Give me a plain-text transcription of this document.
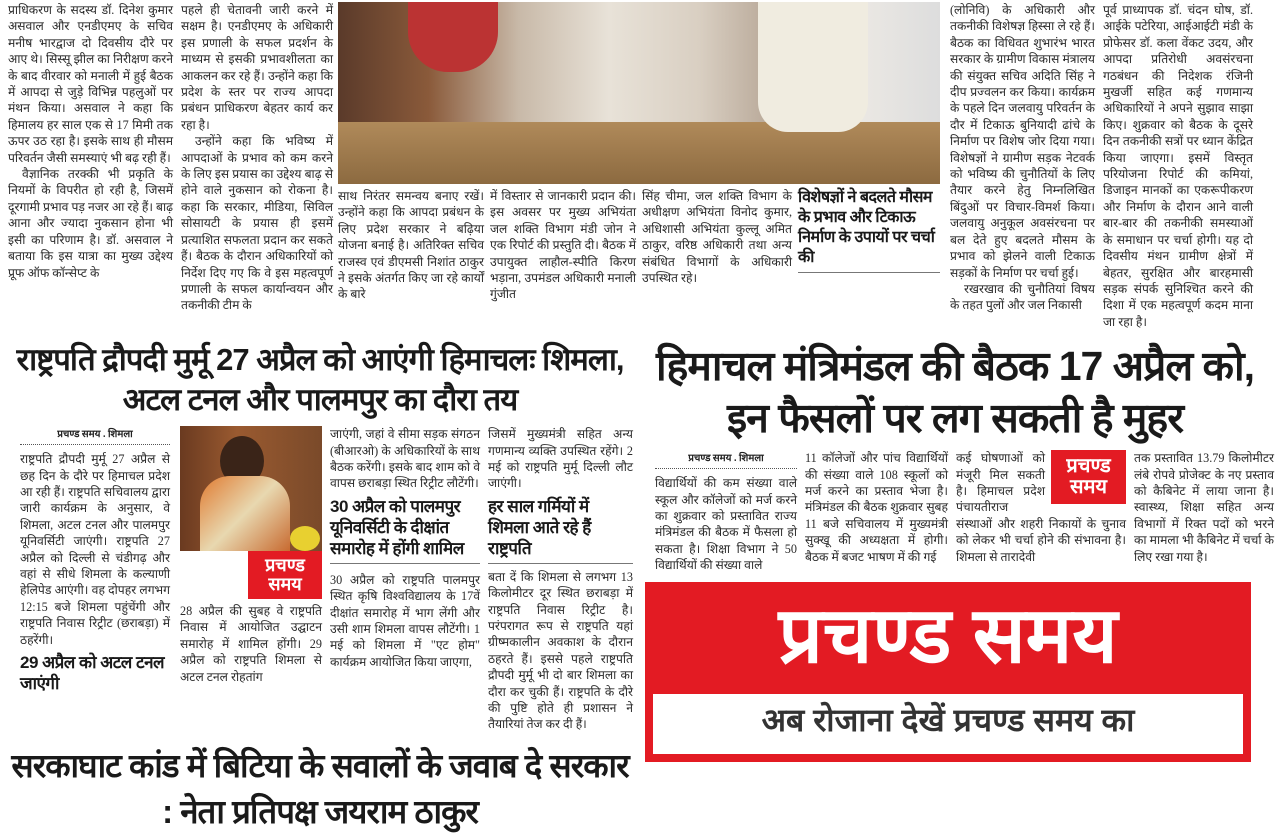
प्राधिकरण के सदस्य डॉ. दिनेश कुमार असवाल और एनडीएमए के सचिव मनीष भारद्वाज दो दिवसीय दौरे पर आए थे। सिस्सू झील का निरीक्षण करने के बाद वीरवार को मनाली में हुई बैठक में आपदा से जुड़े विभिन्न पहलुओं पर मंथन किया। असवाल ने कहा कि हिमालय हर साल एक से 17 मिमी तक ऊपर उठ रहा है। इसके साथ ही मौसम परिवर्तन जैसी समस्याएं भी बढ़ रही हैं।

वैज्ञानिक तरक्की भी प्रकृति के नियमों के विपरीत हो रही है, जिसमें दूरगामी प्रभाव पड़ नजर आ रहे हैं। बाढ़ आना और ज्यादा नुकसान होना भी इसी का परिणाम है। डॉ. असवाल ने बताया कि इस यात्रा का मुख्य उद्देश्य प्रूफ ऑफ कॉन्सेप्ट के

पहले ही चेतावनी जारी करने में सक्षम है। एनडीएमए के अधिकारी इस प्रणाली के सफल प्रदर्शन के माध्यम से इसकी प्रभावशीलता का आकलन कर रहे हैं। उन्होंने कहा कि प्रदेश के स्तर पर राज्य आपदा प्रबंधन प्राधिकरण बेहतर कार्य कर रहा है।

उन्होंने कहा कि भविष्य में आपदाओं के प्रभाव को कम करने के लिए इस प्रयास का उद्देश्य बाढ़ से होने वाले नुकसान को रोकना है। कहा कि सरकार, मीडिया, सिविल सोसायटी के प्रयास ही इसमें प्रत्याशित सफलता प्रदान कर सकते हैं। बैठक के दौरान अधिकारियों को निर्देश दिए गए कि वे इस महत्वपूर्ण प्रणाली के सफल कार्यान्वयन और तकनीकी टीम के

साथ निरंतर समन्वय बनाए रखें। उन्होंने कहा कि आपदा प्रबंधन के लिए प्रदेश सरकार ने बढ़िया योजना बनाई है। अतिरिक्त सचिव राजस्व एवं डीएमसी निशांत ठाकुर ने इसके अंतर्गत किए जा रहे कार्यों के बारे
में विस्तार से जानकारी प्रदान की। इस अवसर पर मुख्य अभियंता जल शक्ति विभाग मंडी जोन ने एक रिपोर्ट की प्रस्तुति दी। बैठक में उपायुक्त लाहौल-स्पीति किरण भड़ाना, उपमंडल अधिकारी मनाली गुंजीत
सिंह चीमा, जल शक्ति विभाग के अधीक्षण अभियंता विनोद कुमार, अधिशासी अभियंता कुल्लू अमित ठाकुर, वरिष्ठ अधिकारी तथा अन्य संबंधित विभागों के अधिकारी उपस्थित रहे।
विशेषज्ञों ने बदलते मौसम के प्रभाव और टिकाऊ निर्माण के उपायों पर चर्चा की

(लोनिवि) के अधिकारी और तकनीकी विशेषज्ञ हिस्सा ले रहे हैं। बैठक का विधिवत शुभारंभ भारत सरकार के ग्रामीण विकास मंत्रालय की संयुक्त सचिव अदिति सिंह ने दीप प्रज्वलन कर किया। कार्यक्रम के पहले दिन जलवायु परिवर्तन के दौर में टिकाऊ बुनियादी ढांचे के निर्माण पर विशेष जोर दिया गया। विशेषज्ञों ने ग्रामीण सड़क नेटवर्क को भविष्य की चुनौतियों के लिए तैयार करने हेतु निम्नलिखित बिंदुओं पर विचार-विमर्श किया। जलवायु अनुकूल अवसंरचना पर बल देते हुए बदलते मौसम के प्रभाव को झेलने वाली टिकाऊ सड़कों के निर्माण पर चर्चा हुई।

रखरखाव की चुनौतियां विषय के तहत पुलों और जल निकासी

पूर्व प्राध्यापक डॉ. चंदन घोष, डॉ. आईके पटेरिया, आईआईटी मंडी के प्रोफेसर डॉ. कला वेंकट उदय, और आपदा प्रतिरोधी अवसंरचना गठबंधन की निदेशक रंजिनी मुखर्जी सहित कई गणमान्य अधिकारियों ने अपने सुझाव साझा किए। शुक्रवार को बैठक के दूसरे दिन तकनीकी सत्रों पर ध्यान केंद्रित किया जाएगा। इसमें विस्तृत परियोजना रिपोर्ट की कमियां, डिजाइन मानकों का एकरूपीकरण और निर्माण के दौरान आने वाली बार-बार की तकनीकी समस्याओं के समाधान पर चर्चा होगी। यह दो दिवसीय मंथन ग्रामीण क्षेत्रों में बेहतर, सुरक्षित और बारहमासी सड़क संपर्क सुनिश्चित करने की दिशा में एक महत्वपूर्ण कदम माना जा रहा है।
राष्ट्रपति द्रौपदी मुर्मू 27 अप्रैल को आएंगी हिमाचलः शिमला, अटल टनल और पालमपुर का दौरा तय
प्रचण्ड समय . शिमला

राष्ट्रपति द्रौपदी मुर्मू 27 अप्रैल से छह दिन के दौरे पर हिमाचल प्रदेश आ रही हैं। राष्ट्रपति सचिवालय द्वारा जारी कार्यक्रम के अनुसार, वे शिमला, अटल टनल और पालमपुर यूनिवर्सिटी जाएंगी। राष्ट्रपति 27 अप्रैल को दिल्ली से चंडीगढ़ और वहां से सीधे शिमला के कल्याणी हेलिपेड आएंगी। वह दोपहर लगभग 12:15 बजे शिमला पहुंचेंगी और राष्ट्रपति निवास रिट्रीट (छराबड़ा) में ठहरेंगी।

29 अप्रैल को अटल टनल जाएंगी
प्रचण्ड
समय
28 अप्रैल की सुबह वे राष्ट्रपति निवास में आयोजित उद्घाटन समारोह में शामिल होंगी। 29 अप्रैल को राष्ट्रपति शिमला से अटल टनल रोहतांग

जाएंगी, जहां वे सीमा सड़क संगठन (बीआरओ) के अधिकारियों के साथ बैठक करेंगी। इसके बाद शाम को वे वापस छराबड़ा स्थित रिट्रीट लौटेंगी।

30 अप्रैल को पालमपुर यूनिवर्सिटी के दीक्षांत समारोह में होंगी शामिल

30 अप्रैल को राष्ट्रपति पालमपुर स्थित कृषि विश्वविद्यालय के 17वें दीक्षांत समारोह में भाग लेंगी और उसी शाम शिमला वापस लौटेंगी। 1 मई को शिमला में "एट होम" कार्यक्रम आयोजित किया जाएगा,

जिसमें मुख्यमंत्री सहित अन्य गणमान्य व्यक्ति उपस्थित रहेंगे। 2 मई को राष्ट्रपति मुर्मू दिल्ली लौट जाएंगी।

हर साल गर्मियों में शिमला आते रहे हैं राष्ट्रपति

बता दें कि शिमला से लगभग 13 किलोमीटर दूर स्थित छराबड़ा में राष्ट्रपति निवास रिट्रीट है। परंपरागत रूप से राष्ट्रपति यहां ग्रीष्मकालीन अवकाश के दौरान ठहरते हैं। इससे पहले राष्ट्रपति द्रौपदी मुर्मू भी दो बार शिमला का दौरा कर चुकी हैं। राष्ट्रपति के दौरे की पुष्टि होते ही प्रशासन ने तैयारियां तेज कर दी हैं।

सरकाघाट कांड में बिटिया के सवालों के जवाब दे सरकार : नेता प्रतिपक्ष जयराम ठाकुर
हिमाचल मंत्रिमंडल की बैठक 17 अप्रैल को, इन फैसलों पर लग सकती है मुहर
प्रचण्ड समय . शिमला
विद्यार्थियों की कम संख्या वाले स्कूल और कॉलेजों को मर्ज करने का शुक्रवार को प्रस्तावित राज्य मंत्रिमंडल की बैठक में फैसला हो सकता है। शिक्षा विभाग ने 50 विद्यार्थियों की संख्या वाले
11 कॉलेजों और पांच विद्यार्थियों की संख्या वाले 108 स्कूलों को मर्ज करने का प्रस्ताव भेजा है। मंत्रिमंडल की बैठक शुक्रवार सुबह 11 बजे सचिवालय में मुख्यमंत्री सुक्खू की अध्यक्षता में होगी। बैठक में बजट भाषण में की गई
प्रचण्ड
समय
कई घोषणाओं को मंजूरी मिल सकती है। हिमाचल प्रदेश पंचायतीराज संस्थाओं और शहरी निकायों के चुनाव को लेकर भी चर्चा होने की संभावना है। शिमला से तारादेवी
तक प्रस्तावित 13.79 किलोमीटर लंबे रोपवे प्रोजेक्ट के नए प्रस्ताव को कैबिनेट में लाया जाना है। स्वास्थ्य, शिक्षा सहित अन्य विभागों में रिक्त पदों को भरने का मामला भी कैबिनेट में चर्चा के लिए रखा गया है।
प्रचण्ड समय
अब रोजाना देखें प्रचण्ड समय का
